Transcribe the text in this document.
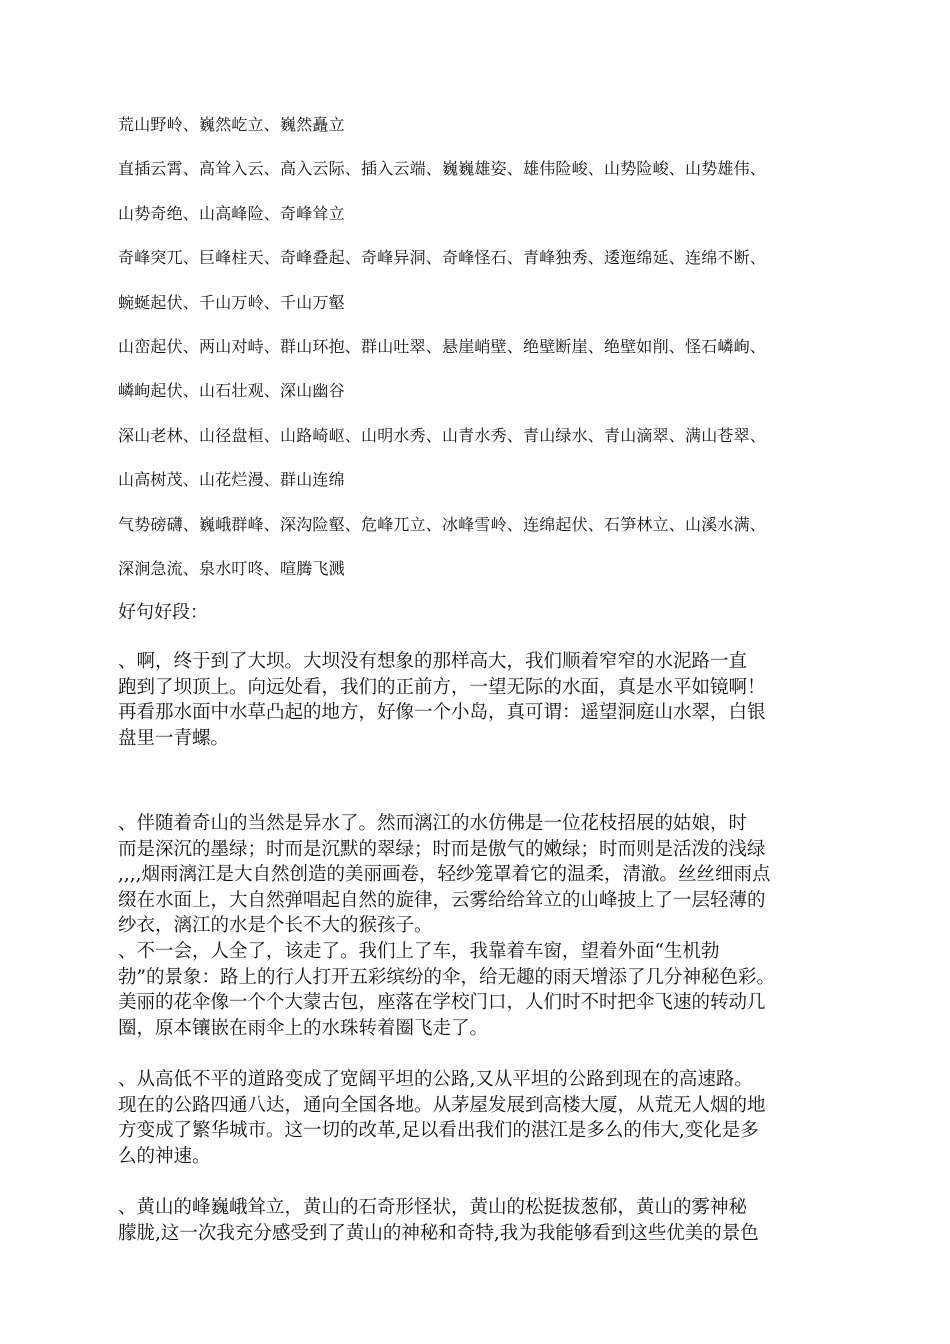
荒山野岭、巍然屹立、巍然矗立
直插云霄、高耸入云、高入云际、插入云端、巍巍雄姿、雄伟险峻、山势险峻、山势雄伟、
山势奇绝、山高峰险、奇峰耸立
奇峰突兀、巨峰柱天、奇峰叠起、奇峰异洞、奇峰怪石、青峰独秀、逶迤绵延、连绵不断、
蜿蜒起伏、千山万岭、千山万壑
山峦起伏、两山对峙、群山环抱、群山吐翠、悬崖峭壁、绝壁断崖、绝壁如削、怪石嶙峋、
嶙峋起伏、山石壮观、深山幽谷
深山老林、山径盘桓、山路崎岖、山明水秀、山青水秀、青山绿水、青山滴翠、满山苍翠、
山高树茂、山花烂漫、群山连绵
气势磅礴、巍峨群峰、深沟险壑、危峰兀立、冰峰雪岭、连绵起伏、石笋林立、山溪水满、
深涧急流、泉水叮咚、喧腾飞溅
好句好段：
、啊，终于到了大坝。大坝没有想象的那样高大，我们顺着窄窄的水泥路一直
跑到了坝顶上。向远处看，我们的正前方，一望无际的水面，真是水平如镜啊！
再看那水面中水草凸起的地方，好像一个小岛，真可谓：遥望洞庭山水翠，白银
盘里一青螺。
、伴随着奇山的当然是异水了。然而漓江的水仿佛是一位花枝招展的姑娘，时
而是深沉的墨绿；时而是沉默的翠绿；时而是傲气的嫩绿；时而则是活泼的浅绿
,,,,烟雨漓江是大自然创造的美丽画卷，轻纱笼罩着它的温柔，清澈。丝丝细雨点
缀在水面上，大自然弹唱起自然的旋律，云雾给给耸立的山峰披上了一层轻薄的
纱衣，漓江的水是个长不大的猴孩子。
、不一会，人全了，该走了。我们上了车，我靠着车窗，望着外面“生机勃
勃”的景象：路上的行人打开五彩缤纷的伞，给无趣的雨天增添了几分神秘色彩。
美丽的花伞像一个个大蒙古包，座落在学校门口，人们时不时把伞飞速的转动几
圈，原本镶嵌在雨伞上的水珠转着圈飞走了。
、从高低不平的道路变成了宽阔平坦的公路,又从平坦的公路到现在的高速路。
现在的公路四通八达，通向全国各地。从茅屋发展到高楼大厦，从荒无人烟的地
方变成了繁华城市。这一切的改革,足以看出我们的湛江是多么的伟大,变化是多
么的神速。
、黄山的峰巍峨耸立，黄山的石奇形怪状，黄山的松挺拔葱郁，黄山的雾神秘
朦胧,这一次我充分感受到了黄山的神秘和奇特,我为我能够看到这些优美的景色
